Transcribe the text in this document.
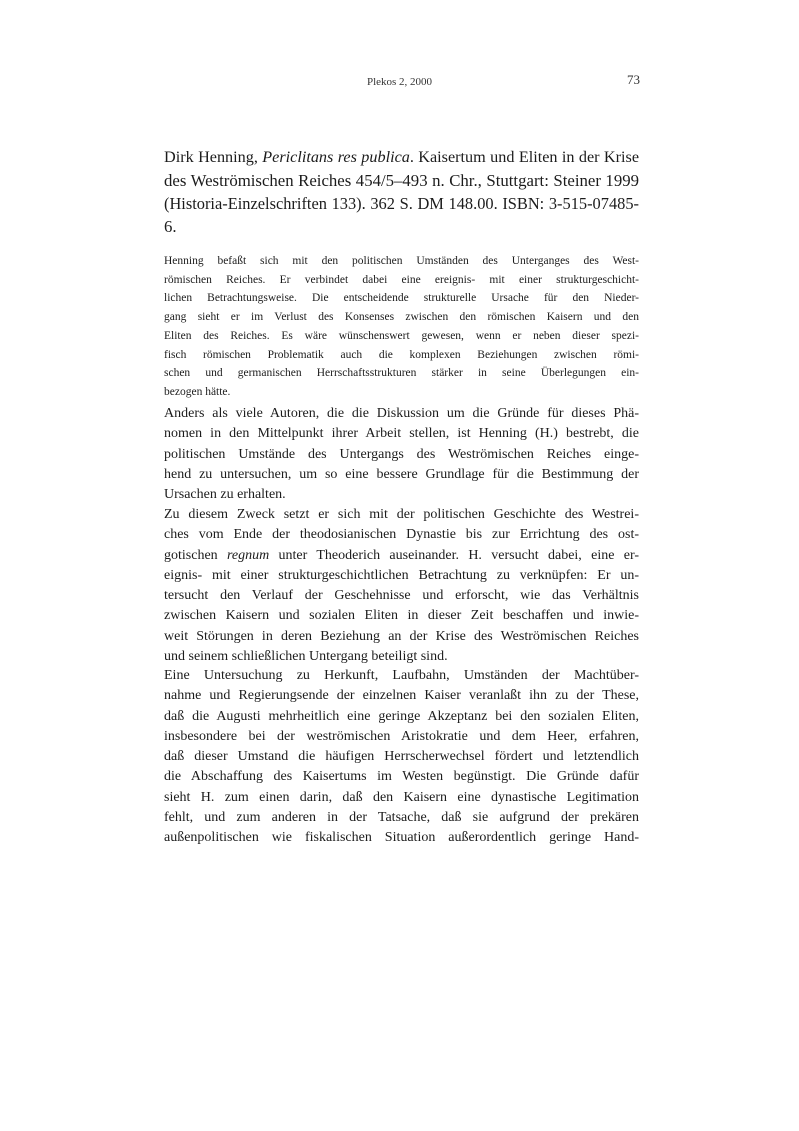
Plekos 2, 2000	73
Dirk Henning, Periclitans res publica. Kaisertum und Eliten in der Krise
des Weströmischen Reiches 454/5–493 n. Chr., Stuttgart: Steiner 1999
(Historia-Einzelschriften 133). 362 S. DM 148.00. ISBN: 3-515-07485-
6.
Henning befaßt sich mit den politischen Umständen des Unterganges des West-
römischen Reiches. Er verbindet dabei eine ereignis- mit einer strukturgeschicht-
lichen Betrachtungsweise. Die entscheidende strukturelle Ursache für den Nieder-
gang sieht er im Verlust des Konsenses zwischen den römischen Kaisern und den
Eliten des Reiches. Es wäre wünschenswert gewesen, wenn er neben dieser spezi-
fisch römischen Problematik auch die komplexen Beziehungen zwischen römi-
schen und germanischen Herrschaftsstrukturen stärker in seine Überlegungen ein-
bezogen hätte.
Anders als viele Autoren, die die Diskussion um die Gründe für dieses Phä-
nomen in den Mittelpunkt ihrer Arbeit stellen, ist Henning (H.) bestrebt, die
politischen Umstände des Untergangs des Weströmischen Reiches einge-
hend zu untersuchen, um so eine bessere Grundlage für die Bestimmung der
Ursachen zu erhalten.
Zu diesem Zweck setzt er sich mit der politischen Geschichte des Westrei-
ches vom Ende der theodosianischen Dynastie bis zur Errichtung des ost-
gotischen regnum unter Theoderich auseinander. H. versucht dabei, eine er-
eignis- mit einer strukturgeschichtlichen Betrachtung zu verknüpfen: Er un-
tersucht den Verlauf der Geschehnisse und erforscht, wie das Verhältnis
zwischen Kaisern und sozialen Eliten in dieser Zeit beschaffen und inwie-
weit Störungen in deren Beziehung an der Krise des Weströmischen Reiches
und seinem schließlichen Untergang beteiligt sind.
Eine Untersuchung zu Herkunft, Laufbahn, Umständen der Machtüber-
nahme und Regierungsende der einzelnen Kaiser veranlaßt ihn zu der These,
daß die Augusti mehrheitlich eine geringe Akzeptanz bei den sozialen Eliten,
insbesondere bei der weströmischen Aristokratie und dem Heer, erfahren,
daß dieser Umstand die häufigen Herrscherwechsel fördert und letztendlich
die Abschaffung des Kaisertums im Westen begünstigt. Die Gründe dafür
sieht H. zum einen darin, daß den Kaisern eine dynastische Legitimation
fehlt, und zum anderen in der Tatsache, daß sie aufgrund der prekären
außenpolitischen wie fiskalischen Situation außerordentlich geringe Hand-
